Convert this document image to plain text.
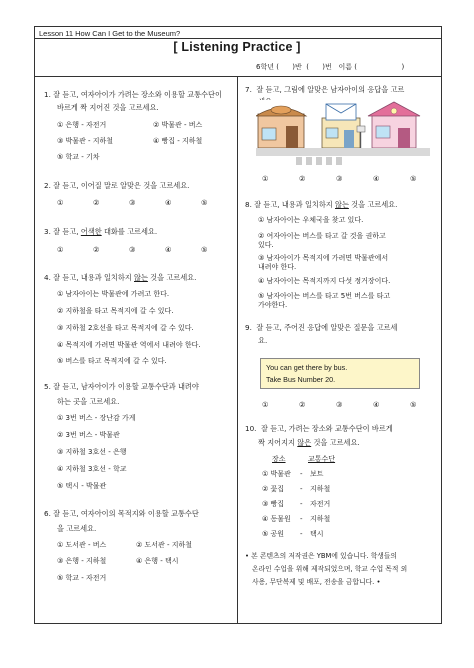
Lesson 11 How Can I Get to the Museum?
[ Listening Practice ]
6학년 (      )반  (      )번   이름 (                    )
1. 잘 듣고, 여자아이가 가려는 장소와 이용할 교통수단이
바르게 짝 지어진 것을 고르세요.
① 은행 - 자전거	② 박물관 - 버스
③ 박물관 - 지하철	④ 빵집 - 지하철
⑤ 학교 - 기차
2. 잘 듣고, 이어질 말로 알맞은 것을 고르세요.
①	②	③	④	⑤
3. 잘 듣고, 어색한 대화를 고르세요.
①	②	③	④	⑤
4. 잘 듣고, 내용과 일치하지 않는 것을 고르세요.
① 남자아이는 박물관에 가려고 한다.
② 지하철을 타고 목적지에 갈 수 있다.
③ 지하철 2호선을 타고 목적지에 갈 수 있다.
④ 목적지에 가려면 박물관 역에서 내려야 한다.
⑤ 버스를 타고 목적지에 갈 수 있다.
5. 잘 듣고, 남자아이가 이용할 교통수단과 내려야
하는 곳을 고르세요.
① 3번 버스 - 장난감 가게
② 3번 버스 - 박물관
③ 지하철 3호선 - 은행
④ 지하철 3호선 - 학교
⑤ 택시 - 박물관
6. 잘 듣고, 여자아이의 목적지와 이용할 교통수단
을 고르세요.
① 도서관 - 버스	② 도서관 - 지하철
③ 은행 - 지하철	④ 은행 - 택시
⑤ 학교 - 자전거
7.  잘 듣고, 그림에 알맞은 남자아이의 응답을 고르
①	②	③	④	⑤
8. 잘 듣고, 내용과 일치하지 않는 것을 고르세요.
① 남자아이는 우체국을 찾고 있다.
② 여자아이는 버스를 타고 갈 것을 권하고
있다.
③ 남자아이가 목적지에 가려면 박물관에서
내려야 한다.
④ 남자아이는 목적지까지 다섯 정거장이다.
⑤ 남자아이는 버스를 타고 5번 버스를 타고
가야한다.
9.  잘 듣고, 주어진 응답에 알맞은 질문을 고르세
요.
You can get there by bus.
Take Bus Number 20.
①	②	③	④	⑤
10.  잘 듣고, 가려는 장소와 교통수단이 바르게
짝 지어지지 않은 것을 고르세요.
장소	교통수단
① 박물관 - 보트
② 꽃집 - 지하철
③ 빵집 - 자전거
④ 동물원 - 지하철
⑤ 공원 - 택시
• 본 콘텐츠의 저작권은 YBM에 있습니다. 학생들의
온라인 수업을 위해 제작되었으며, 학교 수업 목적 외
사용, 무단복제 및 배포, 전송을 금합니다. •
